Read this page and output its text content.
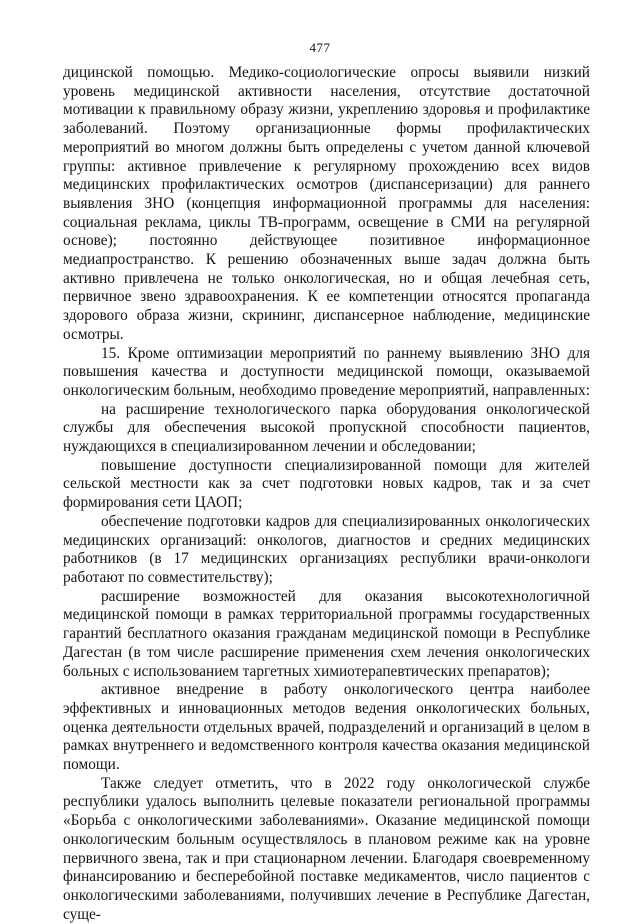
477

дицинской помощью. Медико-социологические опросы выявили низкий уровень медицинской активности населения, отсутствие достаточной мотивации к правильному образу жизни, укреплению здоровья и профилактике заболеваний. Поэтому организационные формы профилактических мероприятий во многом должны быть определены с учетом данной ключевой группы: активное привлечение к регулярному прохождению всех видов медицинских профилактических осмотров (диспансеризации) для раннего выявления ЗНО (концепция информационной программы для населения: социальная реклама, циклы ТВ-программ, освещение в СМИ на регулярной основе); постоянно действующее позитивное информационное медиапространство. К решению обозначенных выше задач должна быть активно привлечена не только онкологическая, но и общая лечебная сеть, первичное звено здравоохранения. К ее компетенции относятся пропаганда здорового образа жизни, скрининг, диспансерное наблюдение, медицинские осмотры.

15. Кроме оптимизации мероприятий по раннему выявлению ЗНО для повышения качества и доступности медицинской помощи, оказываемой онкологическим больным, необходимо проведение мероприятий, направленных:

на расширение технологического парка оборудования онкологической службы для обеспечения высокой пропускной способности пациентов, нуждающихся в специализированном лечении и обследовании;

повышение доступности специализированной помощи для жителей сельской местности как за счет подготовки новых кадров, так и за счет формирования сети ЦАОП;

обеспечение подготовки кадров для специализированных онкологических медицинских организаций: онкологов, диагностов и средних медицинских работников (в 17 медицинских организациях республики врачи-онкологи работают по совместительству);

расширение возможностей для оказания высокотехнологичной медицинской помощи в рамках территориальной программы государственных гарантий бесплатного оказания гражданам медицинской помощи в Республике Дагестан (в том числе расширение применения схем лечения онкологических больных с использованием таргетных химиотерапевтических препаратов);

активное внедрение в работу онкологического центра наиболее эффективных и инновационных методов ведения онкологических больных, оценка деятельности отдельных врачей, подразделений и организаций в целом в рамках внутреннего и ведомственного контроля качества оказания медицинской помощи.

Также следует отметить, что в 2022 году онкологической службе республики удалось выполнить целевые показатели региональной программы «Борьба с онкологическими заболеваниями». Оказание медицинской помощи онкологическим больным осуществлялось в плановом режиме как на уровне первичного звена, так и при стационарном лечении. Благодаря своевременному финансированию и бесперебойной поставке медикаментов, число пациентов с онкологическими заболеваниями, получивших лечение в Республике Дагестан, суще-
